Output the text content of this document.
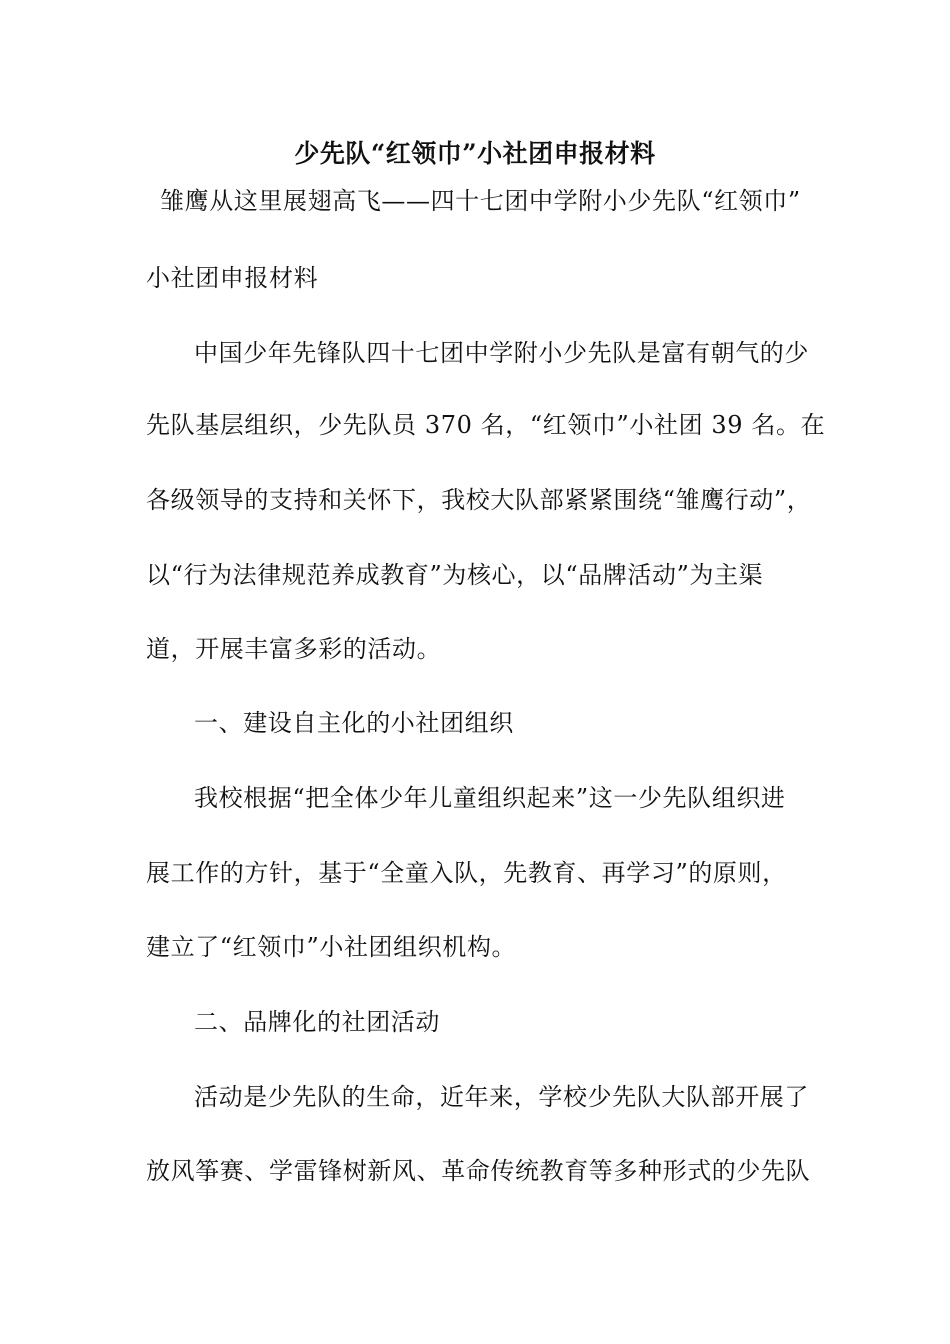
少先队“红领巾”小社团申报材料
雏鹰从这里展翅高飞——四十七团中学附小少先队“红领巾”
小社团申报材料
中国少年先锋队四十七团中学附小少先队是富有朝气的少
先队基层组织，少先队员 370 名，“红领巾”小社团 39 名。在
各级领导的支持和关怀下，我校大队部紧紧围绕“雏鹰行动”，
以“行为法律规范养成教育”为核心，以“品牌活动”为主渠
道，开展丰富多彩的活动。
一、建设自主化的小社团组织
我校根据“把全体少年儿童组织起来”这一少先队组织进
展工作的方针，基于“全童入队，先教育、再学习”的原则，
建立了“红领巾”小社团组织机构。
二、品牌化的社团活动
活动是少先队的生命，近年来，学校少先队大队部开展了
放风筝赛、学雷锋树新风、革命传统教育等多种形式的少先队
